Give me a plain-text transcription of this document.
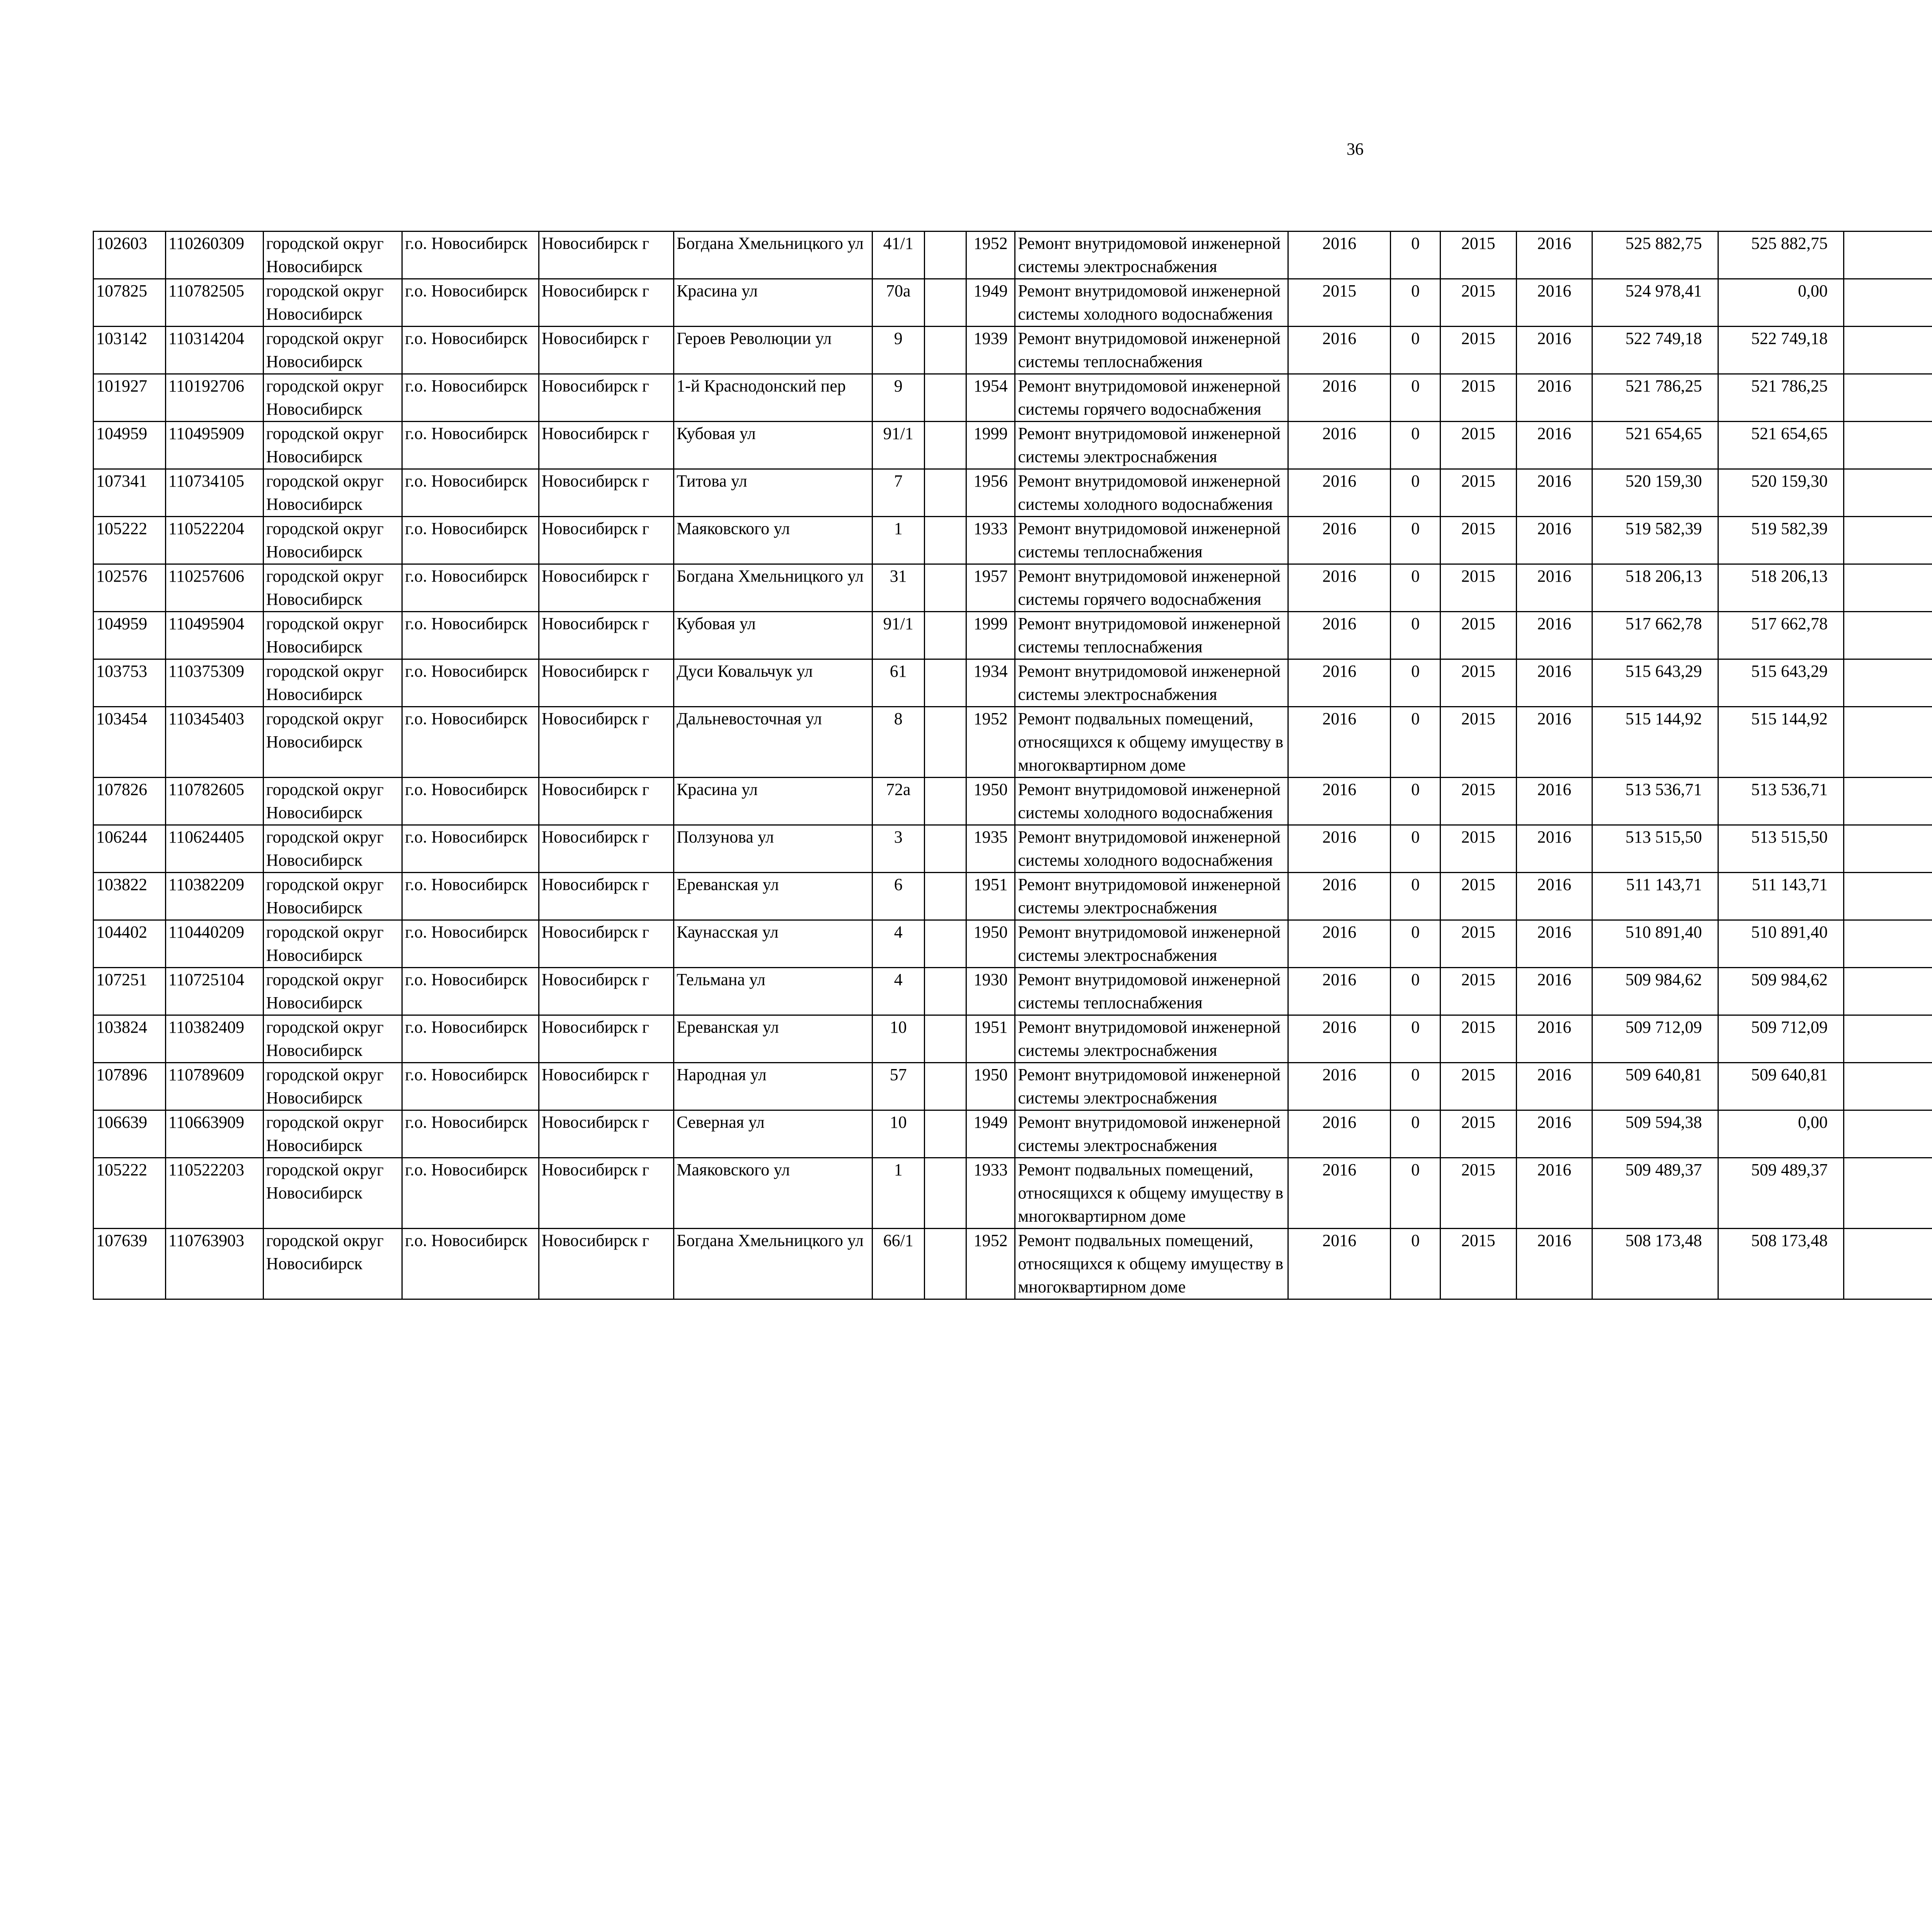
36
102603	110260309	городской округ Новосибирск	г.о. Новосибирск	Новосибирск г	Богдана Хмельницкого ул	41/1		1952	Ремонт внутридомовой инженерной системы электроснабжения	2016	0	2015	2016	525 882,75	525 882,75						
107825	110782505	городской округ Новосибирск	г.о. Новосибирск	Новосибирск г	Красина ул	70а		1949	Ремонт внутридомовой инженерной системы холодного водоснабжения	2015	0	2015	2016	524 978,41	0,00						
103142	110314204	городской округ Новосибирск	г.о. Новосибирск	Новосибирск г	Героев Революции ул	9		1939	Ремонт внутридомовой инженерной системы теплоснабжения	2016	0	2015	2016	522 749,18	522 749,18						
101927	110192706	городской округ Новосибирск	г.о. Новосибирск	Новосибирск г	1-й Краснодонский пер	9		1954	Ремонт внутридомовой инженерной системы горячего водоснабжения	2016	0	2015	2016	521 786,25	521 786,25						
104959	110495909	городской округ Новосибирск	г.о. Новосибирск	Новосибирск г	Кубовая ул	91/1		1999	Ремонт внутридомовой инженерной системы электроснабжения	2016	0	2015	2016	521 654,65	521 654,65						
107341	110734105	городской округ Новосибирск	г.о. Новосибирск	Новосибирск г	Титова ул	7		1956	Ремонт внутридомовой инженерной системы холодного водоснабжения	2016	0	2015	2016	520 159,30	520 159,30						
105222	110522204	городской округ Новосибирск	г.о. Новосибирск	Новосибирск г	Маяковского ул	1		1933	Ремонт внутридомовой инженерной системы теплоснабжения	2016	0	2015	2016	519 582,39	519 582,39						
102576	110257606	городской округ Новосибирск	г.о. Новосибирск	Новосибирск г	Богдана Хмельницкого ул	31		1957	Ремонт внутридомовой инженерной системы горячего водоснабжения	2016	0	2015	2016	518 206,13	518 206,13						
104959	110495904	городской округ Новосибирск	г.о. Новосибирск	Новосибирск г	Кубовая ул	91/1		1999	Ремонт внутридомовой инженерной системы теплоснабжения	2016	0	2015	2016	517 662,78	517 662,78						
103753	110375309	городской округ Новосибирск	г.о. Новосибирск	Новосибирск г	Дуси Ковальчук ул	61		1934	Ремонт внутридомовой инженерной системы электроснабжения	2016	0	2015	2016	515 643,29	515 643,29						
103454	110345403	городской округ Новосибирск	г.о. Новосибирск	Новосибирск г	Дальневосточная ул	8		1952	Ремонт подвальных помещений, относящихся к общему имуществу в многоквартирном доме	2016	0	2015	2016	515 144,92	515 144,92						
107826	110782605	городской округ Новосибирск	г.о. Новосибирск	Новосибирск г	Красина ул	72а		1950	Ремонт внутридомовой инженерной системы холодного водоснабжения	2016	0	2015	2016	513 536,71	513 536,71						
106244	110624405	городской округ Новосибирск	г.о. Новосибирск	Новосибирск г	Ползунова ул	3		1935	Ремонт внутридомовой инженерной системы холодного водоснабжения	2016	0	2015	2016	513 515,50	513 515,50						
103822	110382209	городской округ Новосибирск	г.о. Новосибирск	Новосибирск г	Ереванская ул	6		1951	Ремонт внутридомовой инженерной системы электроснабжения	2016	0	2015	2016	511 143,71	511 143,71						
104402	110440209	городской округ Новосибирск	г.о. Новосибирск	Новосибирск г	Каунасская ул	4		1950	Ремонт внутридомовой инженерной системы электроснабжения	2016	0	2015	2016	510 891,40	510 891,40						
107251	110725104	городской округ Новосибирск	г.о. Новосибирск	Новосибирск г	Тельмана ул	4		1930	Ремонт внутридомовой инженерной системы теплоснабжения	2016	0	2015	2016	509 984,62	509 984,62						
103824	110382409	городской округ Новосибирск	г.о. Новосибирск	Новосибирск г	Ереванская ул	10		1951	Ремонт внутридомовой инженерной системы электроснабжения	2016	0	2015	2016	509 712,09	509 712,09						
107896	110789609	городской округ Новосибирск	г.о. Новосибирск	Новосибирск г	Народная ул	57		1950	Ремонт внутридомовой инженерной системы электроснабжения	2016	0	2015	2016	509 640,81	509 640,81						
106639	110663909	городской округ Новосибирск	г.о. Новосибирск	Новосибирск г	Северная ул	10		1949	Ремонт внутридомовой инженерной системы электроснабжения	2016	0	2015	2016	509 594,38	0,00						
105222	110522203	городской округ Новосибирск	г.о. Новосибирск	Новосибирск г	Маяковского ул	1		1933	Ремонт подвальных помещений, относящихся к общему имуществу в многоквартирном доме	2016	0	2015	2016	509 489,37	509 489,37						
107639	110763903	городской округ Новосибирск	г.о. Новосибирск	Новосибирск г	Богдана Хмельницкого ул	66/1		1952	Ремонт подвальных помещений, относящихся к общему имуществу в многоквартирном доме	2016	0	2015	2016	508 173,48	508 173,48						
